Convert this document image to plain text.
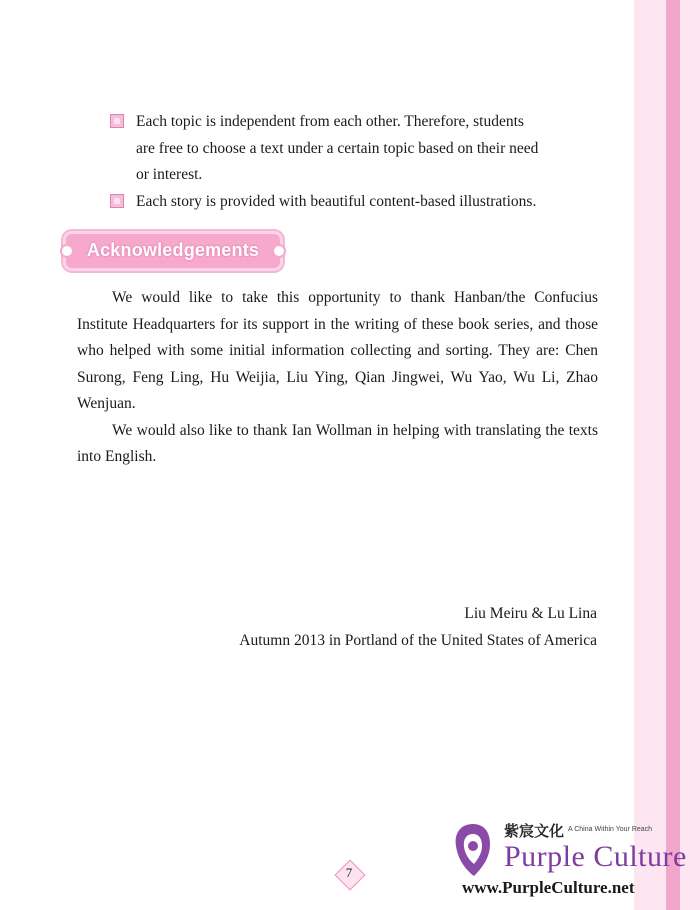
Each topic is independent from each other. Therefore, students
are free to choose a text under a certain topic based on their need
or interest.
Each story is provided with beautiful content-based illustrations.
Acknowledgements

We would like to take this opportunity to thank Hanban/the Confucius Institute Headquarters for its support in the writing of these book series, and those who helped with some initial information collecting and sorting. They are: Chen Surong, Feng Ling, Hu Weijia, Liu Ying, Qian Jingwei, Wu Yao, Wu Li, Zhao Wenjuan.

We would also like to thank Ian Wollman in helping with translating the texts into English.

Liu Meiru & Lu Lina
Autumn 2013 in Portland of the United States of America
7
紫宸文化 A China Within Your Reach
Purple Culture
www.PurpleCulture.net
